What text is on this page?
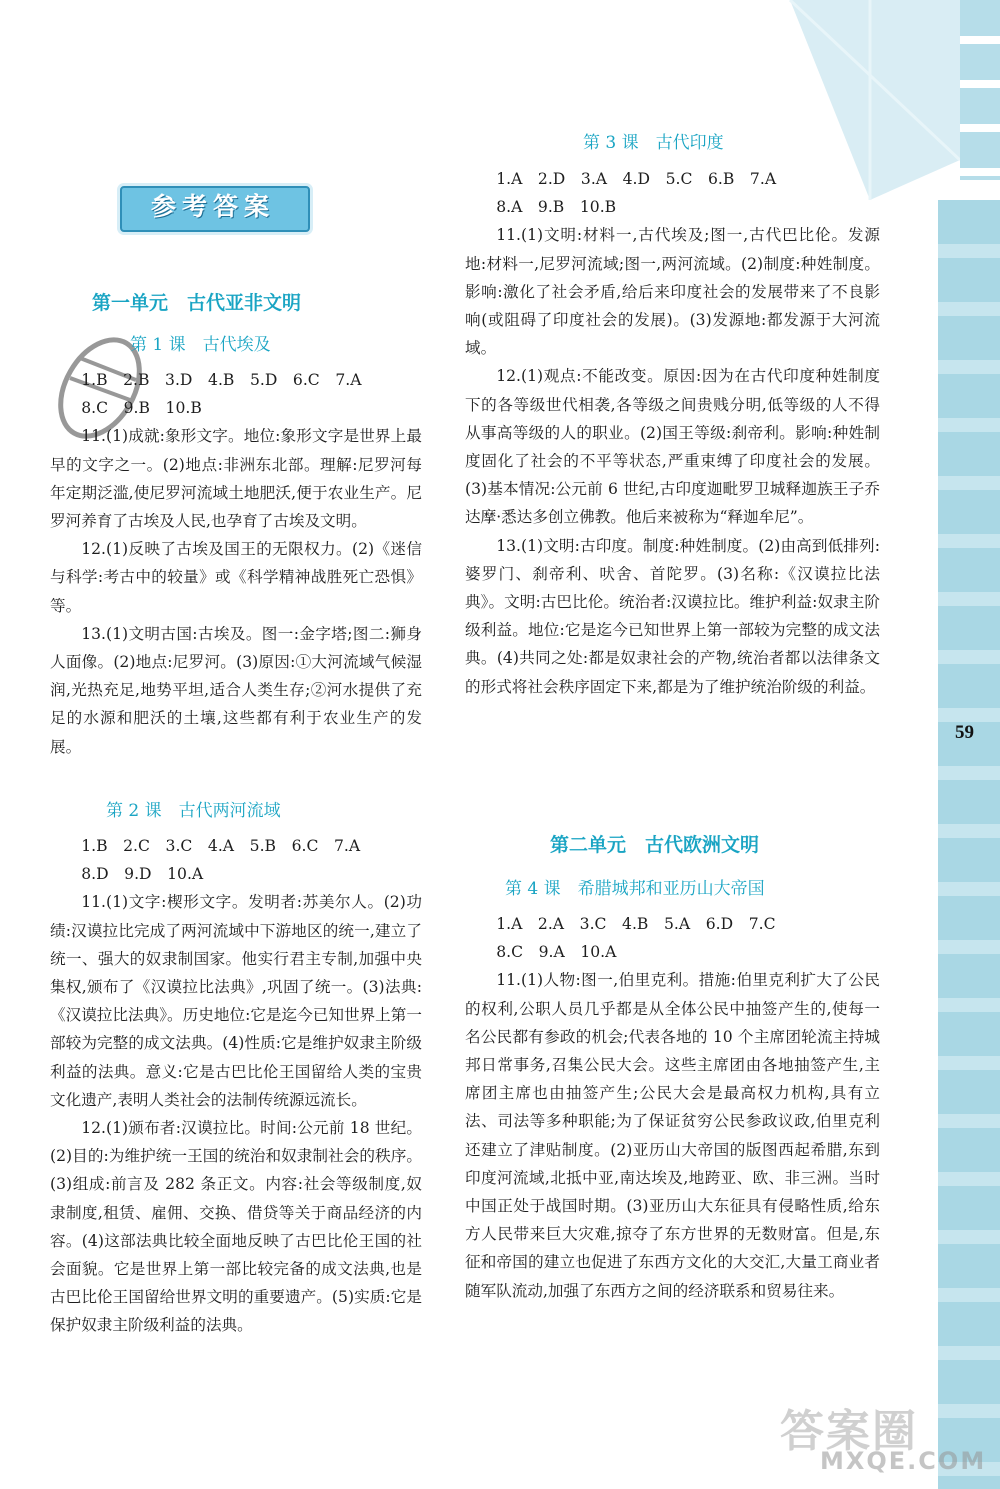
59
参考答案
第一单元　古代亚非文明
第 1 课　古代埃及

1.B　2.B　3.D　4.B　5.D　6.C　7.A

8.C　9.B　10.B

11.(1)成就:象形文字。地位:象形文字是世界上最早的文字之一。(2)地点:非洲东北部。理解:尼罗河每年定期泛滥,使尼罗河流域土地肥沃,便于农业生产。尼罗河养育了古埃及人民,也孕育了古埃及文明。

12.(1)反映了古埃及国王的无限权力。(2)《迷信与科学:考古中的较量》或《科学精神战胜死亡恐惧》等。

13.(1)文明古国:古埃及。图一:金字塔;图二:狮身人面像。(2)地点:尼罗河。(3)原因:①大河流域气候湿润,光热充足,地势平坦,适合人类生存;②河水提供了充足的水源和肥沃的土壤,这些都有利于农业生产的发展。

第 2 课　古代两河流域

1.B　2.C　3.C　4.A　5.B　6.C　7.A

8.D　9.D　10.A

11.(1)文字:楔形文字。发明者:苏美尔人。(2)功绩:汉谟拉比完成了两河流域中下游地区的统一,建立了统一、强大的奴隶制国家。他实行君主专制,加强中央集权,颁布了《汉谟拉比法典》,巩固了统一。(3)法典:《汉谟拉比法典》。历史地位:它是迄今已知世界上第一部较为完整的成文法典。(4)性质:它是维护奴隶主阶级利益的法典。意义:它是古巴比伦王国留给人类的宝贵文化遗产,表明人类社会的法制传统源远流长。

12.(1)颁布者:汉谟拉比。时间:公元前 18 世纪。(2)目的:为维护统一王国的统治和奴隶制社会的秩序。(3)组成:前言及 282 条正文。内容:社会等级制度,奴隶制度,租赁、雇佣、交换、借贷等关于商品经济的内容。(4)这部法典比较全面地反映了古巴比伦王国的社会面貌。它是世界上第一部比较完备的成文法典,也是古巴比伦王国留给世界文明的重要遗产。(5)实质:它是保护奴隶主阶级利益的法典。

第 3 课　古代印度

1.A　2.D　3.A　4.D　5.C　6.B　7.A

8.A　9.B　10.B

11.(1)文明:材料一,古代埃及;图一,古代巴比伦。发源地:材料一,尼罗河流域;图一,两河流域。(2)制度:种姓制度。影响:激化了社会矛盾,给后来印度社会的发展带来了不良影响(或阻碍了印度社会的发展)。(3)发源地:都发源于大河流域。

12.(1)观点:不能改变。原因:因为在古代印度种姓制度下的各等级世代相袭,各等级之间贵贱分明,低等级的人不得从事高等级的人的职业。(2)国王等级:刹帝利。影响:种姓制度固化了社会的不平等状态,严重束缚了印度社会的发展。(3)基本情况:公元前 6 世纪,古印度迦毗罗卫城释迦族王子乔达摩·悉达多创立佛教。他后来被称为“释迦牟尼”。

13.(1)文明:古印度。制度:种姓制度。(2)由高到低排列:婆罗门、刹帝利、吠舍、首陀罗。(3)名称:《汉谟拉比法典》。文明:古巴比伦。统治者:汉谟拉比。维护利益:奴隶主阶级利益。地位:它是迄今已知世界上第一部较为完整的成文法典。(4)共同之处:都是奴隶社会的产物,统治者都以法律条文的形式将社会秩序固定下来,都是为了维护统治阶级的利益。

第二单元　古代欧洲文明
第 4 课　希腊城邦和亚历山大帝国

1.A　2.A　3.C　4.B　5.A　6.D　7.C

8.C　9.A　10.A

11.(1)人物:图一,伯里克利。措施:伯里克利扩大了公民的权利,公职人员几乎都是从全体公民中抽签产生的,使每一名公民都有参政的机会;代表各地的 10 个主席团轮流主持城邦日常事务,召集公民大会。这些主席团由各地抽签产生,主席团主席也由抽签产生;公民大会是最高权力机构,具有立法、司法等多种职能;为了保证贫穷公民参政议政,伯里克利还建立了津贴制度。(2)亚历山大帝国的版图西起希腊,东到印度河流域,北抵中亚,南达埃及,地跨亚、欧、非三洲。当时中国正处于战国时期。(3)亚历山大东征具有侵略性质,给东方人民带来巨大灾难,掠夺了东方世界的无数财富。但是,东征和帝国的建立也促进了东西方文化的大交汇,大量工商业者随军队流动,加强了东西方之间的经济联系和贸易往来。

答案圈
MXQE.COM
